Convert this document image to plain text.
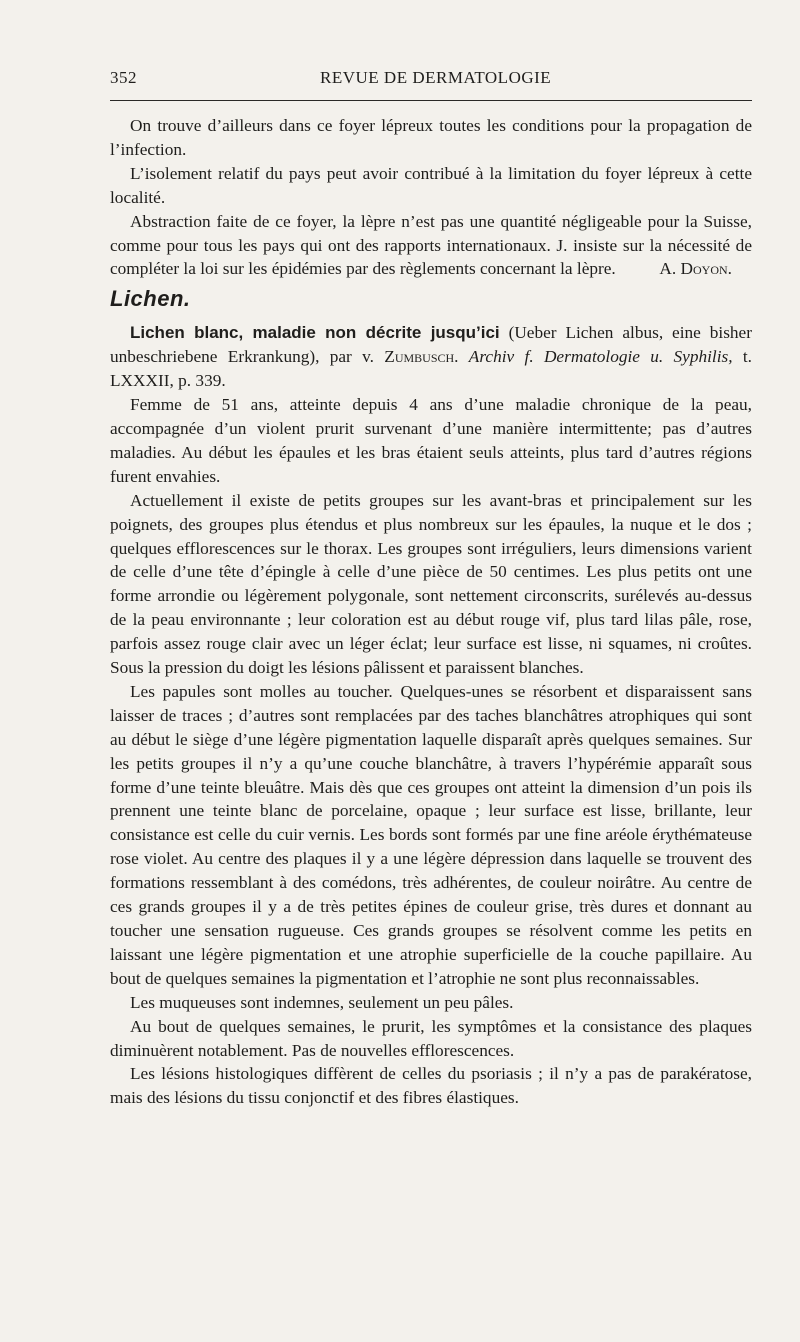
352	REVUE DE DERMATOLOGIE

On trouve d’ailleurs dans ce foyer lépreux toutes les conditions pour la propagation de l’infection.

L’isolement relatif du pays peut avoir contribué à la limitation du foyer lépreux à cette localité.

Abstraction faite de ce foyer, la lèpre n’est pas une quantité négligeable pour la Suisse, comme pour tous les pays qui ont des rapports internationaux. J. insiste sur la nécessité de compléter la loi sur les épidémies par des règlements concernant la lèpre.	A. Doyon.

Lichen.

Lichen blanc, maladie non décrite jusqu’ici (Ueber Lichen albus, eine bisher unbeschriebene Erkrankung), par v. Zumbusch. Archiv f. Dermatologie u. Syphilis, t. LXXXII, p. 339.

Femme de 51 ans, atteinte depuis 4 ans d’une maladie chronique de la peau, accompagnée d’un violent prurit survenant d’une manière intermittente; pas d’autres maladies. Au début les épaules et les bras étaient seuls atteints, plus tard d’autres régions furent envahies.

Actuellement il existe de petits groupes sur les avant-bras et principalement sur les poignets, des groupes plus étendus et plus nombreux sur les épaules, la nuque et le dos ; quelques efflorescences sur le thorax. Les groupes sont irréguliers, leurs dimensions varient de celle d’une tête d’épingle à celle d’une pièce de 50 centimes. Les plus petits ont une forme arrondie ou légèrement polygonale, sont nettement circonscrits, surélevés au-dessus de la peau environnante ; leur coloration est au début rouge vif, plus tard lilas pâle, rose, parfois assez rouge clair avec un léger éclat; leur surface est lisse, ni squames, ni croûtes. Sous la pression du doigt les lésions pâlissent et paraissent blanches.

Les papules sont molles au toucher. Quelques-unes se résorbent et disparaissent sans laisser de traces ; d’autres sont remplacées par des taches blanchâtres atrophiques qui sont au début le siège d’une légère pigmentation laquelle disparaît après quelques semaines. Sur les petits groupes il n’y a qu’une couche blanchâtre, à travers l’hypérémie apparaît sous forme d’une teinte bleuâtre. Mais dès que ces groupes ont atteint la dimension d’un pois ils prennent une teinte blanc de porcelaine, opaque ; leur surface est lisse, brillante, leur consistance est celle du cuir vernis. Les bords sont formés par une fine aréole érythémateuse rose violet. Au centre des plaques il y a une légère dépression dans laquelle se trouvent des formations ressemblant à des comédons, très adhérentes, de couleur noirâtre. Au centre de ces grands groupes il y a de très petites épines de couleur grise, très dures et donnant au toucher une sensation rugueuse. Ces grands groupes se résolvent comme les petits en laissant une légère pigmentation et une atrophie superficielle de la couche papillaire. Au bout de quelques semaines la pigmentation et l’atrophie ne sont plus reconnaissables.

Les muqueuses sont indemnes, seulement un peu pâles.

Au bout de quelques semaines, le prurit, les symptômes et la consistance des plaques diminuèrent notablement. Pas de nouvelles efflorescences.

Les lésions histologiques diffèrent de celles du psoriasis ; il n’y a pas de parakératose, mais des lésions du tissu conjonctif et des fibres élastiques.
